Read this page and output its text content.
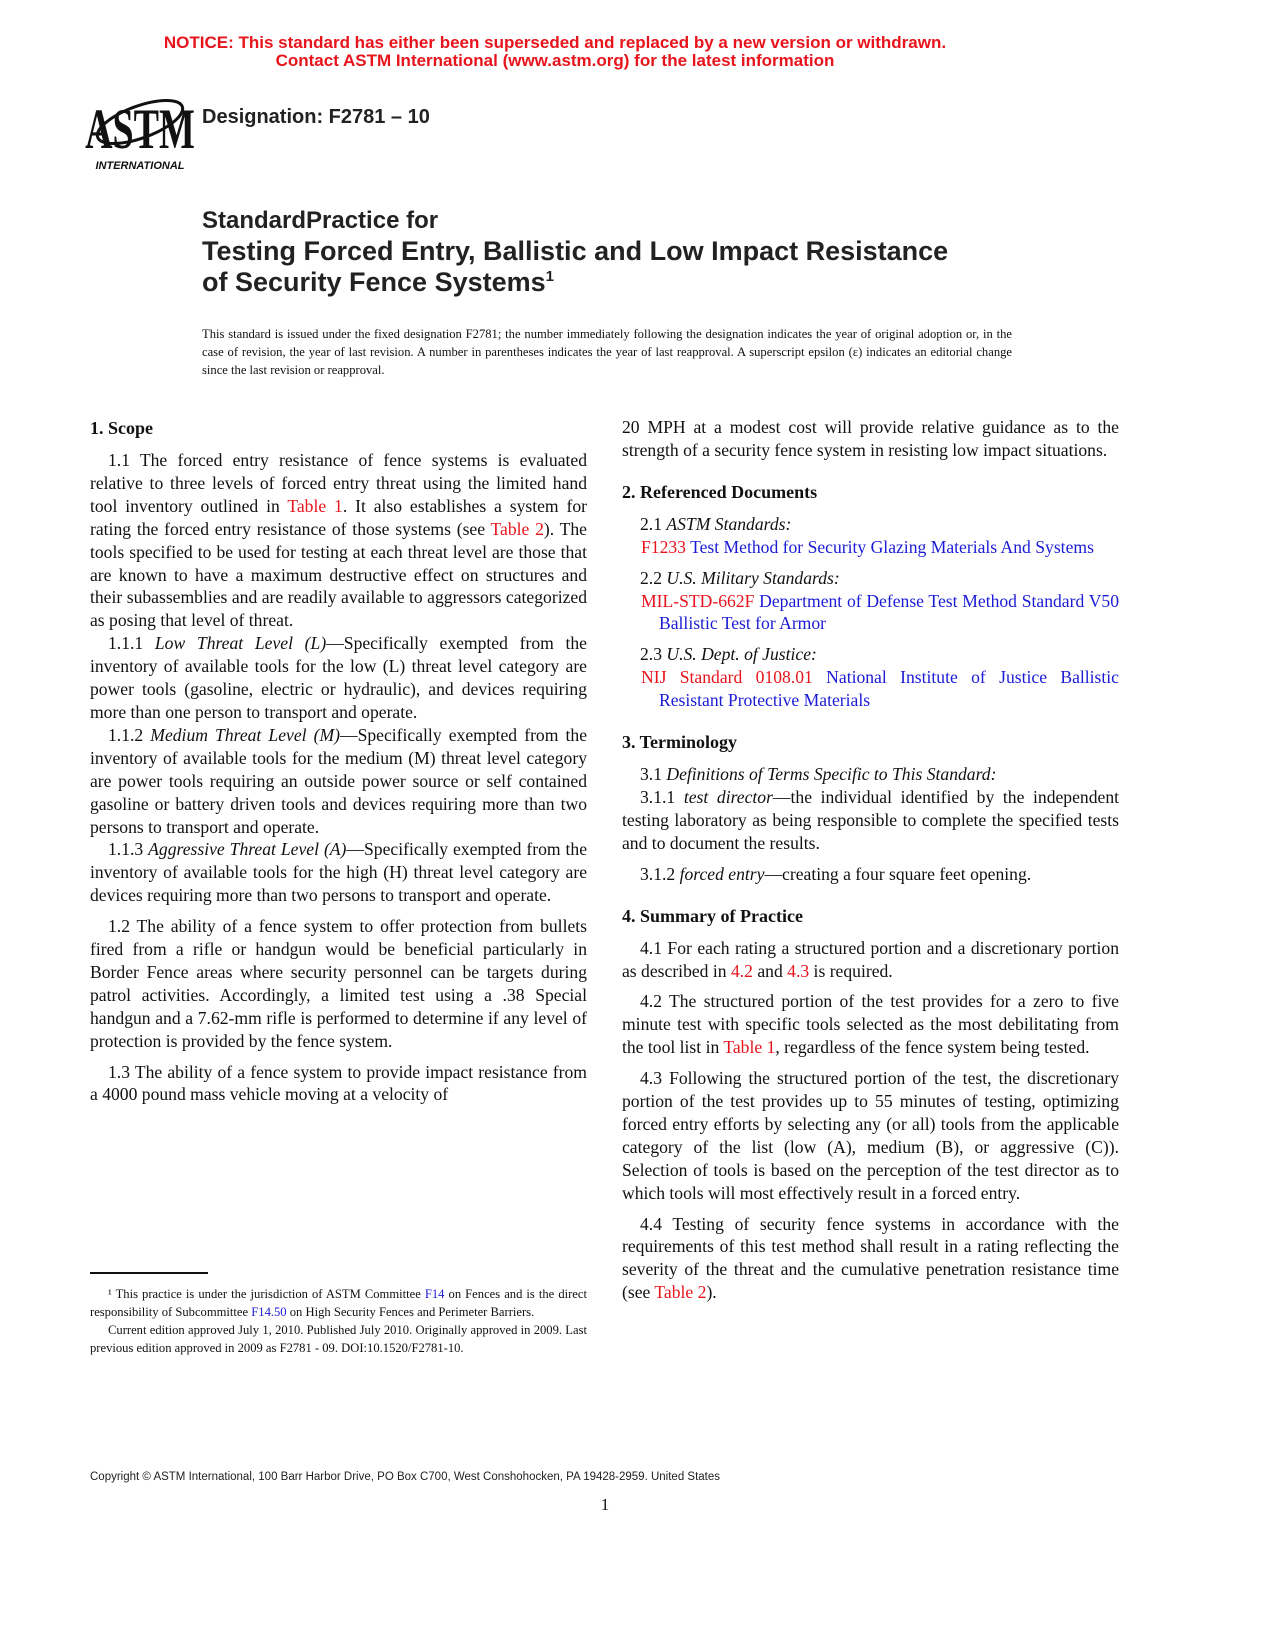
NOTICE: This standard has either been superseded and replaced by a new version or withdrawn.
Contact ASTM International (www.astm.org) for the latest information
ASTM
INTERNATIONAL
Designation: F2781 – 10
StandardPractice for
Testing Forced Entry, Ballistic and Low Impact Resistance
of Security Fence Systems$^1$
This standard is issued under the fixed designation F2781; the number immediately following the designation indicates the year of original adoption or, in the case of revision, the year of last revision. A number in parentheses indicates the year of last reapproval. A superscript epsilon (ε) indicates an editorial change since the last revision or reapproval.
1. Scope

1.1 The forced entry resistance of fence systems is evaluated relative to three levels of forced entry threat using the limited hand tool inventory outlined in Table 1. It also establishes a system for rating the forced entry resistance of those systems (see Table 2). The tools specified to be used for testing at each threat level are those that are known to have a maximum destructive effect on structures and their subassemblies and are readily available to aggressors categorized as posing that level of threat.

1.1.1 Low Threat Level (L)—Specifically exempted from the inventory of available tools for the low (L) threat level category are power tools (gasoline, electric or hydraulic), and devices requiring more than one person to transport and operate.

1.1.2 Medium Threat Level (M)—Specifically exempted from the inventory of available tools for the medium (M) threat level category are power tools requiring an outside power source or self contained gasoline or battery driven tools and devices requiring more than two persons to transport and operate.

1.1.3 Aggressive Threat Level (A)—Specifically exempted from the inventory of available tools for the high (H) threat level category are devices requiring more than two persons to transport and operate.

1.2 The ability of a fence system to offer protection from bullets fired from a rifle or handgun would be beneficial particularly in Border Fence areas where security personnel can be targets during patrol activities. Accordingly, a limited test using a .38 Special handgun and a 7.62-mm rifle is performed to determine if any level of protection is provided by the fence system.

1.3 The ability of a fence system to provide impact resistance from a 4000 pound mass vehicle moving at a velocity of

20 MPH at a modest cost will provide relative guidance as to the strength of a security fence system in resisting low impact situations.

2. Referenced Documents

2.1 ASTM Standards:

F1233 Test Method for Security Glazing Materials And Systems

2.2 U.S. Military Standards:

MIL-STD-662F Department of Defense Test Method Standard V50 Ballistic Test for Armor

2.3 U.S. Dept. of Justice:

NIJ Standard 0108.01 National Institute of Justice Ballistic Resistant Protective Materials

3. Terminology

3.1 Definitions of Terms Specific to This Standard:

3.1.1 test director—the individual identified by the independent testing laboratory as being responsible to complete the specified tests and to document the results.

3.1.2 forced entry—creating a four square feet opening.

4. Summary of Practice

4.1 For each rating a structured portion and a discretionary portion as described in 4.2 and 4.3 is required.

4.2 The structured portion of the test provides for a zero to five minute test with specific tools selected as the most debilitating from the tool list in Table 1, regardless of the fence system being tested.

4.3 Following the structured portion of the test, the discretionary portion of the test provides up to 55 minutes of testing, optimizing forced entry efforts by selecting any (or all) tools from the applicable category of the list (low (A), medium (B), or aggressive (C)). Selection of tools is based on the perception of the test director as to which tools will most effectively result in a forced entry.

4.4 Testing of security fence systems in accordance with the requirements of this test method shall result in a rating reflecting the severity of the threat and the cumulative penetration resistance time (see Table 2).

¹ This practice is under the jurisdiction of ASTM Committee F14 on Fences and is the direct responsibility of Subcommittee F14.50 on High Security Fences and Perimeter Barriers.

Current edition approved July 1, 2010. Published July 2010. Originally approved in 2009. Last previous edition approved in 2009 as F2781 - 09. DOI:10.1520/F2781-10.

Copyright © ASTM International, 100 Barr Harbor Drive, PO Box C700, West Conshohocken, PA 19428-2959. United States
1
